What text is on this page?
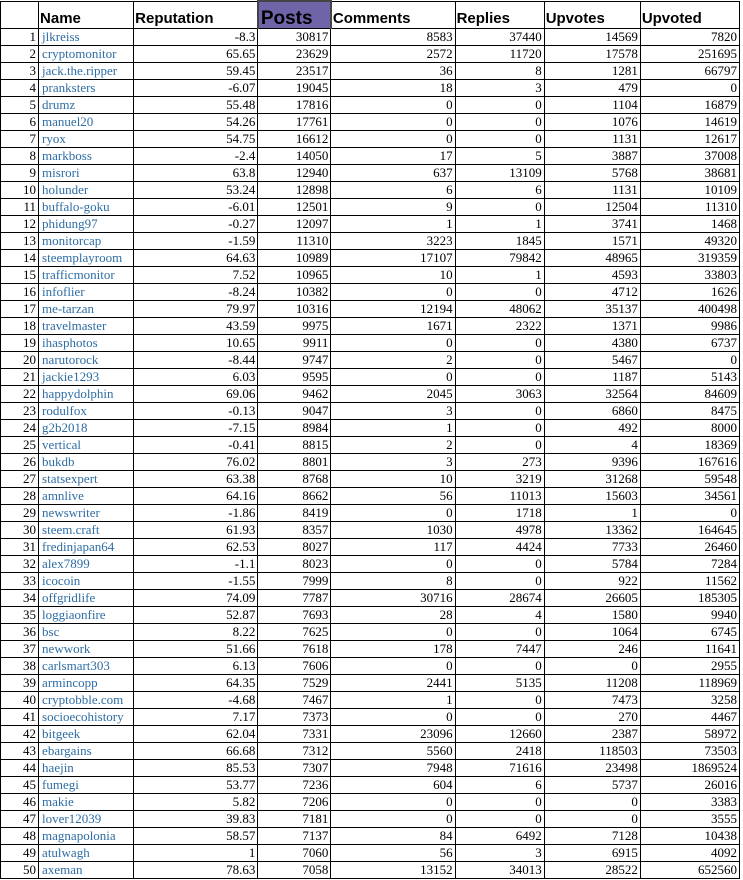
	Name	Reputation	Posts	Comments	Replies	Upvotes	Upvoted
1	jlkreiss	-8.3	30817	8583	37440	14569	7820
2	cryptomonitor	65.65	23629	2572	11720	17578	251695
3	jack.the.ripper	59.45	23517	36	8	1281	66797
4	pranksters	-6.07	19045	18	3	479	0
5	drumz	55.48	17816	0	0	1104	16879
6	manuel20	54.26	17761	0	0	1076	14619
7	ryox	54.75	16612	0	0	1131	12617
8	markboss	-2.4	14050	17	5	3887	37008
9	misrori	63.8	12940	637	13109	5768	38681
10	holunder	53.24	12898	6	6	1131	10109
11	buffalo-goku	-6.01	12501	9	0	12504	11310
12	phidung97	-0.27	12097	1	1	3741	1468
13	monitorcap	-1.59	11310	3223	1845	1571	49320
14	steemplayroom	64.63	10989	17107	79842	48965	319359
15	trafficmonitor	7.52	10965	10	1	4593	33803
16	infoflier	-8.24	10382	0	0	4712	1626
17	me-tarzan	79.97	10316	12194	48062	35137	400498
18	travelmaster	43.59	9975	1671	2322	1371	9986
19	ihasphotos	10.65	9911	0	0	4380	6737
20	narutorock	-8.44	9747	2	0	5467	0
21	jackie1293	6.03	9595	0	0	1187	5143
22	happydolphin	69.06	9462	2045	3063	32564	84609
23	rodulfox	-0.13	9047	3	0	6860	8475
24	g2b2018	-7.15	8984	1	0	492	8000
25	vertical	-0.41	8815	2	0	4	18369
26	bukdb	76.02	8801	3	273	9396	167616
27	statsexpert	63.38	8768	10	3219	31268	59548
28	amnlive	64.16	8662	56	11013	15603	34561
29	newswriter	-1.86	8419	0	1718	1	0
30	steem.craft	61.93	8357	1030	4978	13362	164645
31	fredinjapan64	62.53	8027	117	4424	7733	26460
32	alex7899	-1.1	8023	0	0	5784	7284
33	icocoin	-1.55	7999	8	0	922	11562
34	offgridlife	74.09	7787	30716	28674	26605	185305
35	loggiaonfire	52.87	7693	28	4	1580	9940
36	bsc	8.22	7625	0	0	1064	6745
37	newwork	51.66	7618	178	7447	246	11641
38	carlsmart303	6.13	7606	0	0	0	2955
39	armincopp	64.35	7529	2441	5135	11208	118969
40	cryptobble.com	-4.68	7467	1	0	7473	3258
41	socioecohistory	7.17	7373	0	0	270	4467
42	bitgeek	62.04	7331	23096	12660	2387	58972
43	ebargains	66.68	7312	5560	2418	118503	73503
44	haejin	85.53	7307	7948	71616	23498	1869524
45	fumegi	53.77	7236	604	6	5737	26016
46	makie	5.82	7206	0	0	0	3383
47	lover12039	39.83	7181	0	0	0	3555
48	magnapolonia	58.57	7137	84	6492	7128	10438
49	atulwagh	1	7060	56	3	6915	4092
50	axeman	78.63	7058	13152	34013	28522	652560
